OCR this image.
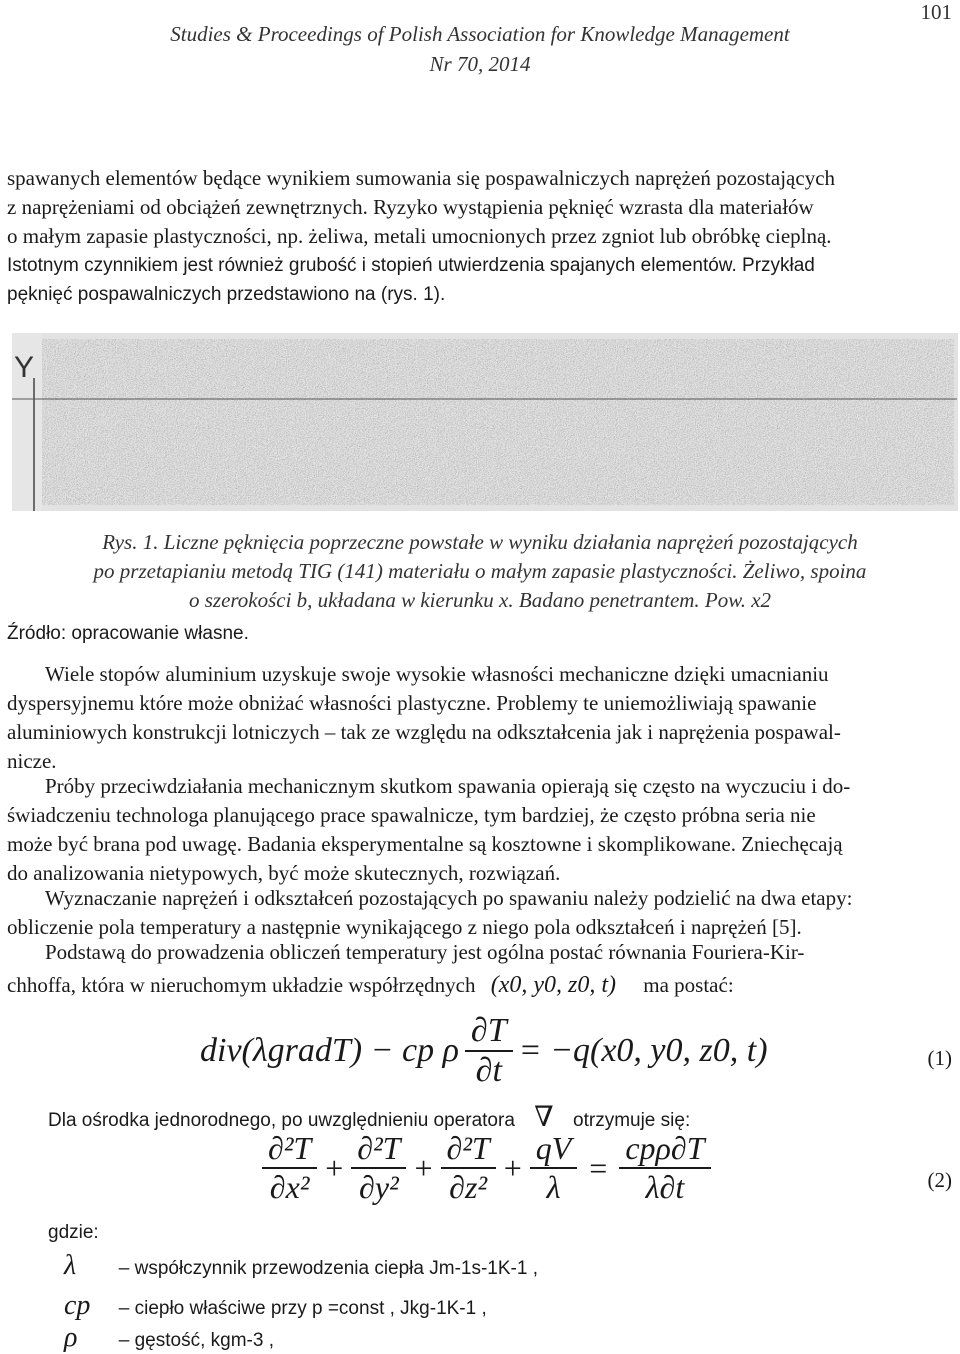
101
Studies & Proceedings of Polish Association for Knowledge Management
Nr 70, 2014
spawanych elementów będące wynikiem sumowania się pospawalniczych naprężeń pozostających
z naprężeniami od obciążeń zewnętrznych. Ryzyko wystąpienia pęknięć wzrasta dla materiałów
o małym zapasie plastyczności, np. żeliwa, metali umocnionych przez zgniot lub obróbkę cieplną.
Istotnym czynnikiem jest również grubość i stopień utwierdzenia spajanych elementów. Przykład
pęknięć pospawalniczych przedstawiono na (rys. 1).
Y
Rys. 1. Liczne pęknięcia poprzeczne powstałe w wyniku działania naprężeń pozostających
po przetapianiu metodą TIG (141) materiału o małym zapasie plastyczności. Żeliwo, spoina
o szerokości b, układana w kierunku x. Badano penetrantem. Pow. x2
Źródło: opracowanie własne.
Wiele stopów aluminium uzyskuje swoje wysokie własności mechaniczne dzięki umacnianiu
dyspersyjnemu które może obniżać własności plastyczne. Problemy te uniemożliwiają spawanie
aluminiowych konstrukcji lotniczych – tak ze względu na odkształcenia jak i naprężenia pospawal-
nicze.
Próby przeciwdziałania mechanicznym skutkom spawania opierają się często na wyczuciu i do-
świadczeniu technologa planującego prace spawalnicze, tym bardziej, że często próbna seria nie
może być brana pod uwagę. Badania eksperymentalne są kosztowne i skomplikowane. Zniechęcają
do analizowania nietypowych, być może skutecznych, rozwiązań.
Wyznaczanie naprężeń i odkształceń pozostających po spawaniu należy podzielić na dwa etapy:
obliczenie pola temperatury a następnie wynikającego z niego pola odkształceń i naprężeń [5].
Podstawą do prowadzenia obliczeń temperatury jest ogólna postać równania Fouriera-Kir-
chhoffa, która w nieruchomym układzie współrzędnych (x0, y0, z0, t) ma postać:
div(λgradT) − cp ρ $\frac{\partial T}{\partial t} = -q(x0$, y0, z0, t)	(1)
Dla ośrodka jednorodnego, po uwzględnieniu operatora ∇ otrzymuje się:
$\frac{\text{∂²T}}{\text{∂x²}} + \frac{\text{∂²T}}{\text{∂y²}} + \frac{\text{∂²T}}{\text{∂z²}} + \frac{qV}{\lambda} = \frac{\text{cpρ∂T}}{\lambda\partial t}$	(2)
gdzie:
λ – współczynnik przewodzenia ciepła Jm-1s-1K-1 ,
cp – ciepło właściwe przy p =const , Jkg-1K-1 ,
ρ – gęstość, kgm-3 ,
